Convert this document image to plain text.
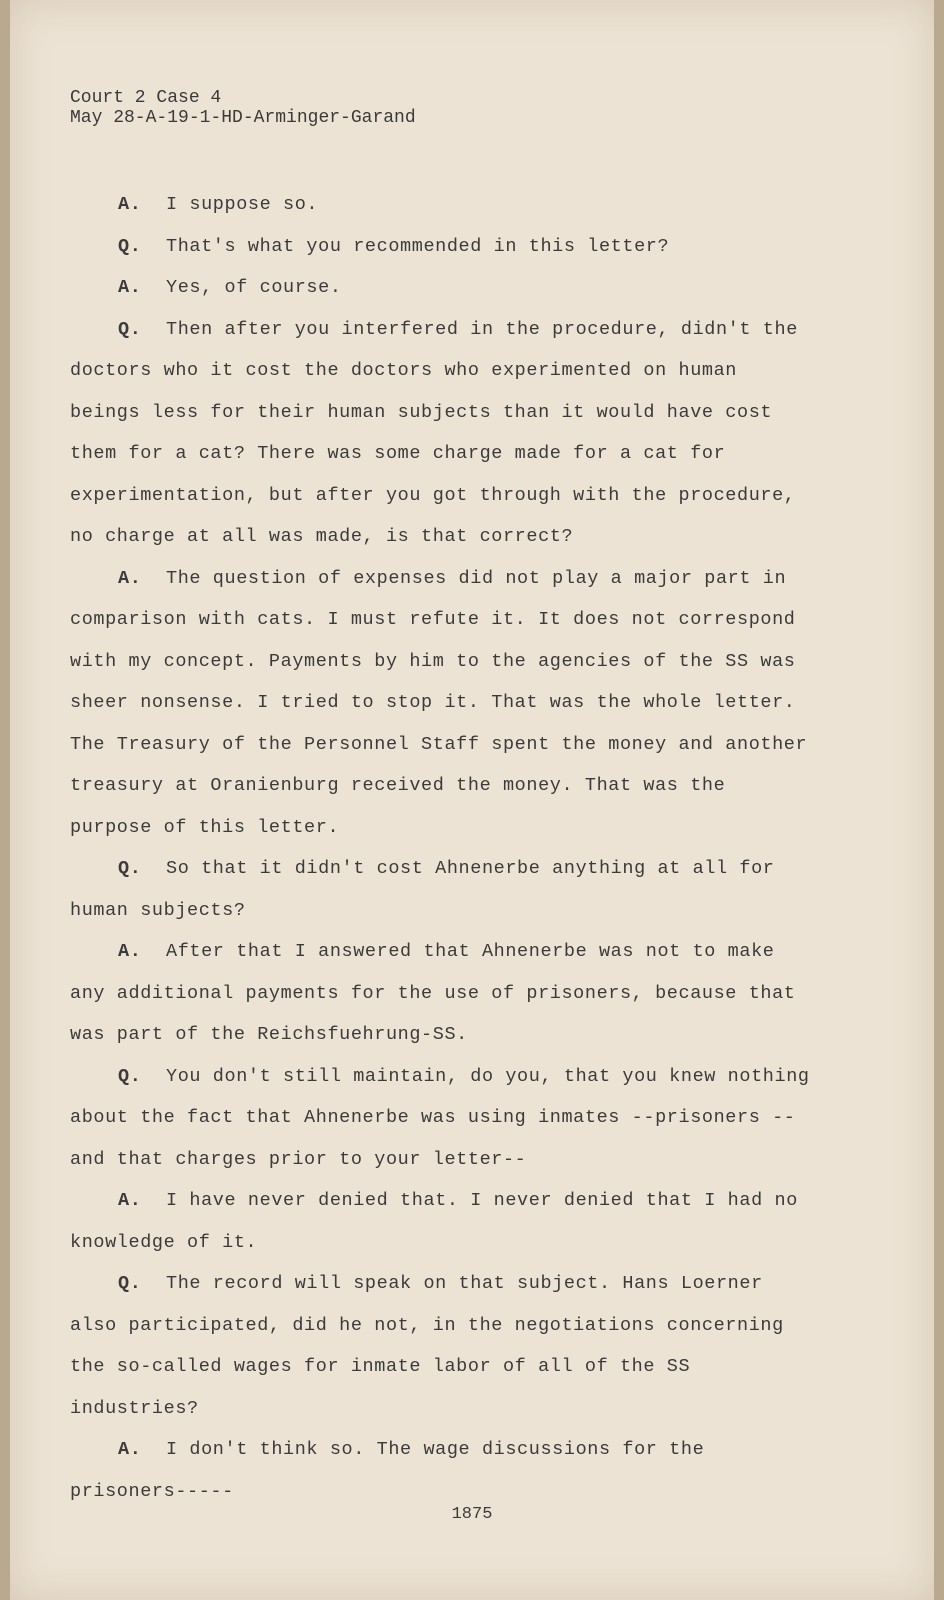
Court 2 Case 4
May 28-A-19-1-HD-Arminger-Garand

A. I suppose so.

Q. That's what you recommended in this letter?

A. Yes, of course.

Q. Then after you interfered in the procedure, didn't the doctors who it cost the doctors who experimented on human beings less for their human subjects than it would have cost them for a cat? There was some charge made for a cat for experimentation, but after you got through with the procedure, no charge at all was made, is that correct?

A. The question of expenses did not play a major part in comparison with cats. I must refute it. It does not correspond with my concept. Payments by him to the agencies of the SS was sheer nonsense. I tried to stop it. That was the whole letter. The Treasury of the Personnel Staff spent the money and another treasury at Oranienburg received the money. That was the purpose of this letter.

Q. So that it didn't cost Ahnenerbe anything at all for human subjects?

A. After that I answered that Ahnenerbe was not to make any additional payments for the use of prisoners, because that was part of the Reichsfuehrung-SS.

Q. You don't still maintain, do you, that you knew nothing about the fact that Ahnenerbe was using inmates --prisoners -- and that charges prior to your letter--

A. I have never denied that. I never denied that I had no knowledge of it.

Q. The record will speak on that subject. Hans Loerner also participated, did he not, in the negotiations concerning the so-called wages for inmate labor of all of the SS industries?

A. I don't think so. The wage discussions for the prisoners-----

1875
